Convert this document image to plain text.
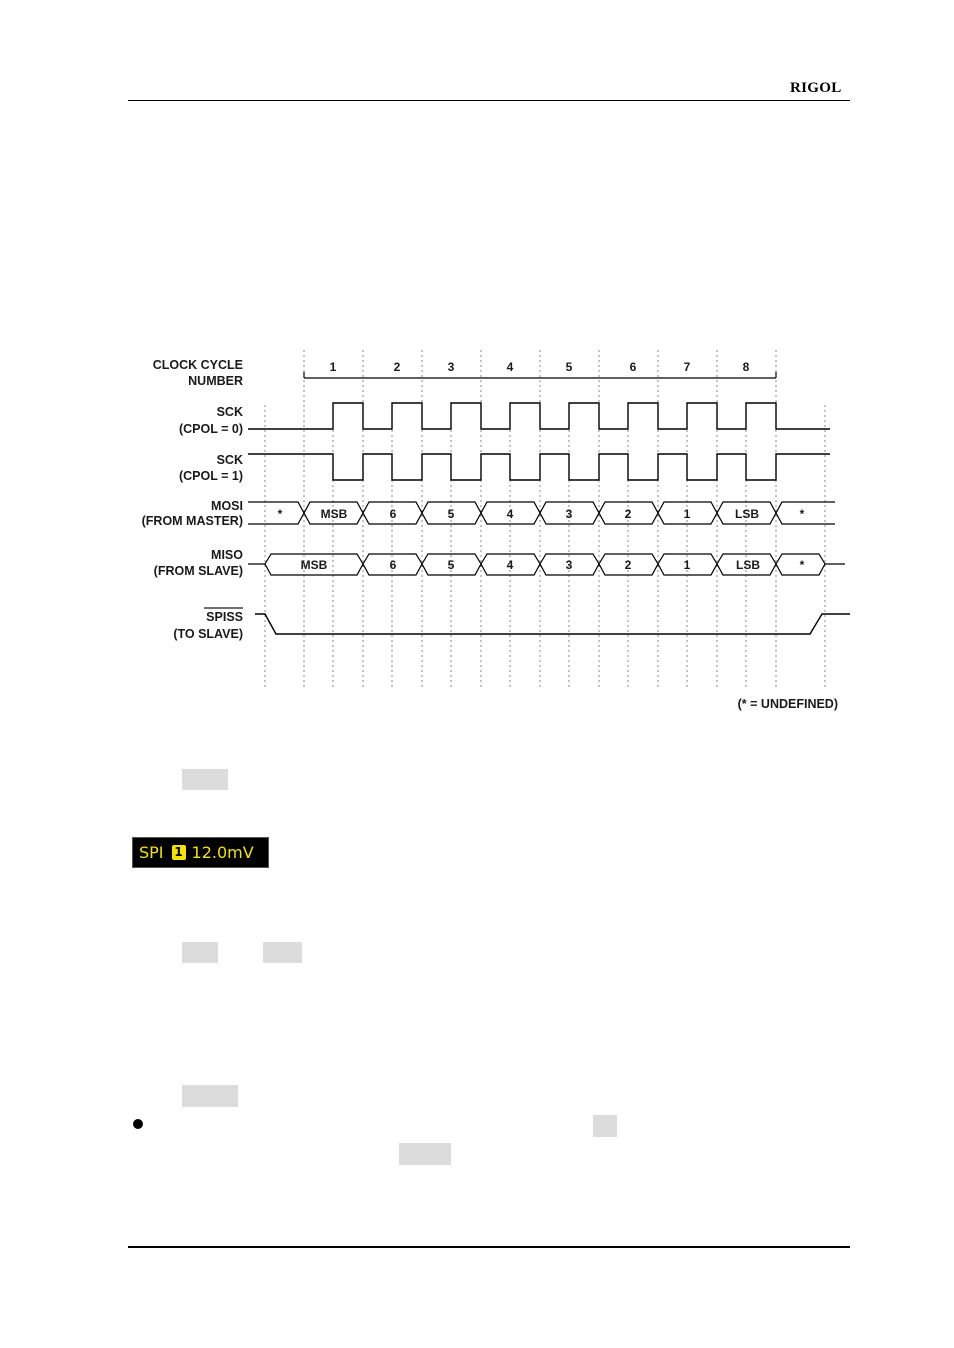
RIGOL
CLOCK CYCLE
NUMBER
1	2	3	4	5	6	7	8
SCK
(CPOL = 0)
SCK
(CPOL = 1)
MOSI
(FROM MASTER)
MISO
(FROM SLAVE)
SPISS
(TO SLAVE)
*	MSB	6	5	4	3	2	1	LSB	*
MSB	6	5	4	3	2	1	LSB	*
(* = UNDEFINED)
SPI 1 12.0mV
